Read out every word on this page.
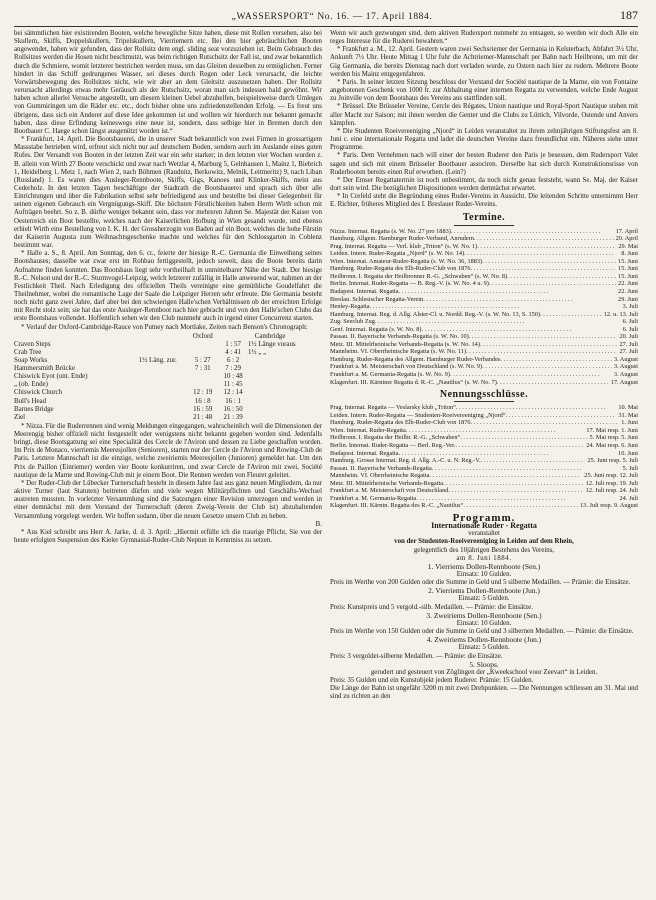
„WASSERSPORT“ No. 16. — 17. April 1884.	187

bei sämmtlichen hier existirenden Booten, welche bewegliche Sitze haben, diese mit Rollen versehen, also bei Skullern, Skiffs, Doppelskullern, Tripelskullern, Vierriemern etc. Bei den hier gebräuchlichen Booten angewendet, haben wir gefunden, dass der Rollsitz dem engl. sliding seat vorzuziehen ist. Beim Gebrauch des Rollsitzes werden die Hosen nicht beschmutzt, was beim richtigen Rutschsitz der Fall ist, und zwar bekanntlich durch die Schmiere, womit letzterer bestrichen werden muss, um das Gleiten desselben zu ermöglichen. Ferner hindert in das Schiff gedrungenes Wasser, sei dieses durch Regen oder Leck verursacht, die leichte Vorwärtsbewegung des Rollsitzes nicht, wie wir aber an dem Gleitsitz auszusetzen haben. Der Rollsitz verursacht allerdings etwas mehr Geräusch als der Rutschsitz, woran man sich indessen bald gewöhnt. Wir haben schon allerlei Versuche angestellt, um diesem kleinen Uebel abzuhelfen, beispielsweise durch Umlegen von Gummiringen um die Räder etc. etc., doch bisher ohne uns zufriedenstellenden Erfolg. — Es freut uns übrigens, dass sich ein Anderer auf diese Idee gekommen ist und wollten wir hierdurch nur bekannt gemacht haben, dass diese Erfindung keineswegs eine neue ist, sondern, dass selbige hier in Bremen durch den Bootbauer C. Haege schon längst ausgenützt worden ist.“

* Frankfurt, 14. April. Die Bootsbauerei, die in unserer Stadt bekanntlich von zwei Firmen in grossartigem Massstabe betrieben wird, erfreut sich nicht nur auf deutschem Boden, sondern auch im Auslande eines guten Rufes. Der Versandt von Booten in der letzten Zeit war ein sehr starker; in den letzten vier Wochen wurden z. B. allein von Wirth 27 Boote verschickt und zwar nach Wetzlar 4, Marburg 5, Gelnhausen 1, Mainz 1, Biebrich 1, Heidelberg 1, Metz 1, nach Wien 2, nach Böhmen (Raudnitz, Berkowitz, Melnik, Leitmeritz) 9, nach Liban (Russland) 1. Es waren dies Ausleger-Rennboote, Skiffs, Gigs, Kanoes und Klinker-Skiffs, meist aus Cederholz. In den letzten Tagen beschäftigte der Stadtrath die Bootsbauerei und sprach sich über alle Einrichtungen und über die Fabrikation selbst sehr befriedigend aus und bestellte bei dieser Gelegenheit für seinen eigenen Gebrauch ein Vergnügungs-Skiff. Die höchsten Fürstlichkeiten haben Herrn Wirth schon mit Aufträgen beehrt. So z. B. dürfte weniger bekannt sein, dass vor mehreren Jahren Se. Majestät der Kaiser von Oesterreich ein Boot bestellte, welches nach der Kaiserlichen Hofburg in Wien gesandt wurde, und ebenso erhielt Wirth eine Bestellung von I. K. H. der Grossherzogin von Baden auf ein Boot, welches die hohe Fürstin der Kaiserin Augusta zum Weihnachtsgeschenke machte und welches für den Schlossgarten in Coblenz bestimmt war.

* Halle a. S., 8. April. Am Sonntag, den 6. cr., feierte der hiesige R.-C. Germania die Einweihung seines Bootshauses; dasselbe war zwar erst im Rohbau fertiggestellt, jedoch soweit, dass die Boote bereits darin Aufnahme finden konnten. Das Bootshaus liegt sehr vortheilhaft in unmittelbarer Nähe der Stadt. Der hiesige R.-C. Nelson und der R.-C. Sturmvogel-Leipzig, welch letzterer zufällig in Halle anwesend war, nahmen an der Festlichkeit Theil. Nach Erledigung des officiellen Theils vereinigte eine gemüthliche Goudelfahrt die Theilnehmer, wobei die romantische Lage der Saale die Leipziger Herren sehr erfreute. Die Germania besteht noch nicht ganz zwei Jahre, darf aber bei den schwierigen Halle'schen Verhältnissen ob der erreichten Erfolge mit Recht stolz sein; sie hat das erste Ausleger-Rennboot nach hier gebracht und von den Halle'schen Clubs das erste Bootshaus vollendet. Hoffentlich sehen wir den Club nunmehr auch in irgend einer Concurrenz starten.

* Verlauf der Oxford-Cambridge-Rauce von Putney nach Mortlake, Zeiten nach Benson's Chronograph:

		Oxford	Cambridge	
Craven Steps			1 : 57	1½ Länge voraus
Crab Tree			4 : 41	1½ „ „
Soap Works	1½ Läng. zur.	5 : 27	6 : 2	
Hammersmith Brücke		7 : 31	7 : 29	
Chiswick Eyot (unt. Ende)			10 : 48	
„ (ob. Ende)			11 : 45	
Chiswick Church		12 : 19	12 : 14	
Bull's Head		16 : 8	16 : 1	
Barnes Bridge		16 : 59	16 : 50	
Ziel		21 : 48	21 : 39	

* Nizza. Für die Ruderrennen sind wenig Meldungen eingegangen, wahrscheinlich weil die Dimensionen der Meerengig bisher offiziell nicht festgestellt oder wenigstens nicht bekannt gegeben worden sind. Jedenfalls bringt, diese Bootsgattung sei eine Specialität des Cercle de l'Aviron und dessen zu Liebe geschaffen worden. Im Prix de Monaco, vierriemis Meeresjollen (Senioren), starten nur der Cercle de l'Aviron und Rowing-Club de Paris. Letztere Mannschaft ist die einzige, welche zweiriemis Meeresjollen (Junioren) gemeldet hat. Um den Prix de Paillon (Einriemer) werden vier Boote konkurriren, und zwar Cercle de l'Aviron mit zwei, Société nautique de la Marne und Rowing-Club mit je einem Boot. Die Rennen werden von Fleuret geleitet.

* Der Ruder-Club der Lübecker Turnerschaft besteht in diesem Jahre fast aus ganz neuen Mitgliedern, da nur aktive Turner (laut Statuten) beitreten dürfen und viele wegen Militärpflichten und Geschäfts-Wechsel austreten mussten. In vorletzter Versammlung sind die Satzungen einer Revision unterzogen und werden in einer demnächst mit dem Vorstand der Turnerschaft (deren Zweig-Verein der Club ist) abzuhaltenden Versammlung vorgelegt werden. Wir hoffen sodann, über die neuen Gesetze unsern Club zu heben.

B.

* Aus Kiel schreibt uns Herr A. Jarke, d. d. 3. April: „Hiermit erfülle ich die traurige Pflicht, Sie von der heute erfolgten Suspension des Kieler Gymnasial-Ruder-Club Neptun in Kenntniss zu setzen.

Wenn wir auch gezwungen sind, dem aktiven Rudersport nunmehr zu entsagen, so werden wir doch Alle ein reges Interesse für die Ruderei bewahren.“

* Frankfurt a. M., 12. April. Gestern waren zwei Sechsriemer der Germania in Kelsterbach, Abfahrt 3½ Uhr, Ankunft 7½ Uhr. Heute Mittag 1 Uhr fuhr die Achtriemer-Mannschaft per Bahn nach Heilbronn, um mit der Gig Germania, die bereits Dienstag nach dort verladen wurde, zu Ostern nach hier zu rudern. Mehrere Boote werden bis Mainz entgegenfahren.

* Paris. In seiner letzten Sitzung beschloss der Vorstand der Société nautique de la Marne, ein von Fontaine angebotenen Geschenk von 1000 fr. zur Abhaltung einer internen Regatta zu verwenden, welche Ende August zu Joinville von dem Bootshaus des Vereins aus stattfinden soll.

* Brüssel. Die Brüsseler Vereine, Cercle des Régates, Union nautique und Royal-Sport Nautique stehen mit aller Macht zur Saison; mit ihnen werden die Genter und die Clubs zu Lüttich, Vilvorde, Ostende und Anvers kämpfen.

* Die Studenten Roeivereeniging „Njord“ in Leiden veranstaltet zu ihrem zehnjährigen Stiftungsfest am 8. Juni c. eine internationale Regatta und ladet die deutschen Vereine dazu freundlichst ein. Näheres siehe unter Programme.

* Paris. Dem Vernehmen nach will einer der besten Ruderer den Paris je besessen, dem Rudersport Valet sagen und sich mit einem Brüsseler Bootbauer associren. Derselbe hat sich durch Konstruktionsrisse von Ruderbooten bereits einen Ruf erworben. (Lein?)

* Der Emser Regattatermin ist noch unbestimmt, da noch nicht genau feststeht, wann Se. Maj. der Kaiser dort sein wird. Die bezüglichen Dispositionen werden demnächst erwartet.

* In Crefeld steht die Begründung eines Ruder-Vereins in Aussicht. Die leitenden Schritte unternimmt Herr E. Richter, früheres Mitglied des I. Breslauer Ruder-Vereins.

Termine.
Nizza. Internat. Regatta (s. W. No. 27 pro 1883) . . .	17. April
Hamburg. Allgem. Hamburger Ruder-Verband, Anrudern . . .	20. April
Prag. Internat. Regatta — Verl. klub „Triton“ (s. W. No. 1) . . .	29. Mai
Leiden. Intern. Ruder-Regatta „Njord“ (s. W. No. 14) . . .	8. Juni
Wien. Internat. Amateur-Ruder-Regatta (s. W. No. 36, 1883) . . .	15. Juni
Hamburg. Ruder-Regatta des Elb-Ruder-Club von 1876 . . .	15. Juni
Heilbronn. I. Regatta der Heilbronner R.-G. „Schwaben“ (s. W. No. 8) . . .	15. Juni
Berlin. Internat. Ruder-Regatta — B. Reg.-V. (s. W. No. 4 u. 9) . . .	22. Juni
Budapest. Internat. Regatta . . .	22. Juni
Breslau. Schlesischer Regatta-Verein . . .	29. Juni
Henley-Regatta . . .	3. Juli
Hamburg. Internat. Reg. d. Allg. Alster-Cl. u. Nordd. Reg.-V. (s. W. No. 13, S. 150) . . .	12. u. 13. Juli
Zug. Seeclub Zug . . .	6. Juli
Genf. Internat. Regatta (s. W. No. 8) . . .	6. Juli
Passau. II. Bayerische Verbands-Regatta (s. W. No. 10) . . .	20. Juli
Metz. III. Mittelrheinische Verbands-Regatta (s. W. No. 14) . . .	27. Juli
Mannheim. VI. Oberrheinische Regatta (s. W. No. 11) . . .	27. Juli
Hamburg. Ruder-Regatta des Allgem. Hamburger Ruder-Verbandes . . .	3. August
Frankfurt a. M. Meisterschaft von Deutschland (s. W. No. 9) . . .	3. August
Frankfurt a. M. Germania-Regatta (s. W. No. 9) . . .	3. August
Klagenfurt. III. Kärntner Regatta d. R.-C. „Nautilus“ (s. W. No. 7) . . .	17. August
Nennungsschlüsse.
Prag. Internat. Regatta — Veslarsky klub „Triton“ . . .	10. Mai
Leiden. Intern. Ruder-Regatta — Studenten-Roeivereeniging „Njord“ . . .	31. Mai
Hamburg. Ruder-Regatta des Elb-Ruder-Club von 1876 . . .	1. Juni
Wien. Internat. Ruder-Regatta . . .	17. Mai resp. 1. Juni
Heilbronn. I. Regatta der Heilbr. R.-G. „Schwaben“ . . .	5. Mai resp. 5. Juni
Berlin. Internat. Ruder-Regatta — Berl. Reg.-Ver. . . .	24. Mai resp. 6. Juni
Budapest. Internat. Regatta . . .	10. Juni
Hamburg. Grosse Internat. Reg. d. Allg. A.-C. u. N. Reg.-V. . . .	25. Juni resp. 5. Juli
Passau. II. Bayerische Verbands-Regatta . . .	5. Juli
Mannheim. VI. Oberrheinische Regatta . . .	25. Juni resp. 12. Juli
Metz. III. Mittelrheinische Verbands-Regatta . . .	12. Juli resp. 19. Juli
Frankfurt a. M. Meisterschaft von Deutschland . . .	12. Juli resp. 24. Juli
Frankfurt a. M. Germania-Regatta . . .	24. Juli
Klagenfurt. III. Kärntn. Regatta des R.-C. „Nautilus“ . . .	13. Juli resp. 9. August
Programm.
Internationale Ruder - Regatta

veranstaltet

von der Studenten-Roeivereeniging in Leiden auf dem Rhein,

gelegentlich des 10jährigen Bestehens des Vereins,

am 8. Juni 1884.

1. Vierriems Dollen-Rennboote (Sen.)

Einsatz: 10 Gulden.

Preis im Werthe von 200 Gulden oder die Summe in Geld und 5 silberne Medaillen. — Prämie: die Einsätze.

2. Vierriems Dollen-Rennboote (Jun.)

Einsatz: 5 Gulden.

Preis: Kunstpreis und 5 vergold.-silb. Medaillen. — Prämie: die Einsätze.

3. Zweiriems Dollen-Rennboote (Sen.)

Einsatz: 10 Gulden.

Preis im Werthe von 150 Gulden oder die Summe in Geld und 3 silbernen Medaillen. — Prämie: die Einsätze.

4. Zweiriems Dollen-Rennboote (Jun.)

Einsatz: 5 Gulden.

Preis: 3 vergoldet-silberne Medaillen. — Prämie: die Einsätze.

5. Sloops.

gerudert und gesteuert von Zöglingen der „Kweekschool voor Zeevart“ in Leiden.

Preis: 35 Gulden und ein Kunstobjekt jedem Ruderer. Prämie: 15 Gulden.

Die Länge der Bahn ist ungefähr 3200 m mit zwei Drehpunkten. — Die Nennungen schliessen am 31. Mai und sind zu richten an den
